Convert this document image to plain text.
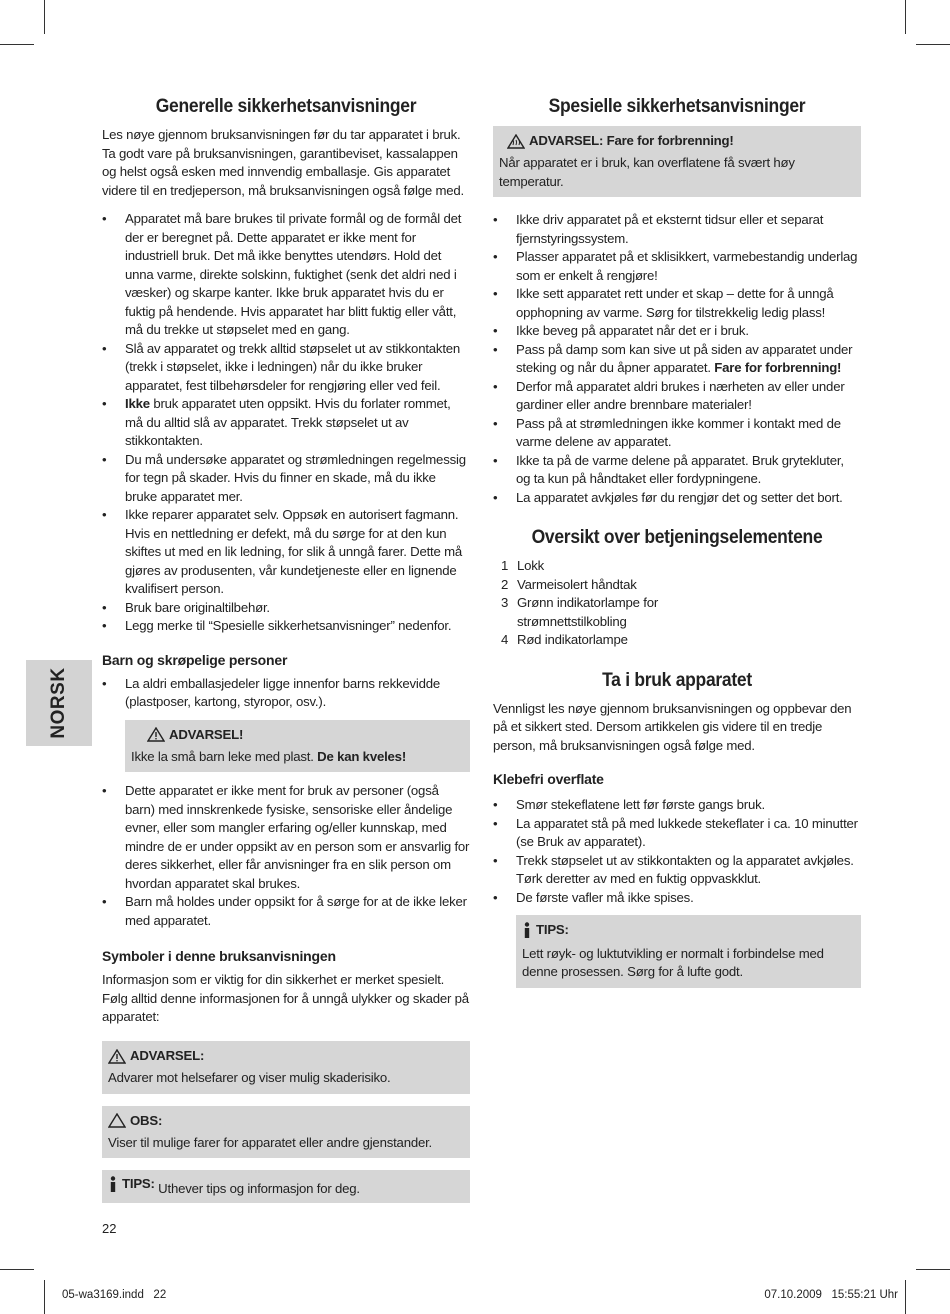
NORSK
Generelle sikkerhetsanvisninger

Les nøye gjennom bruksanvisningen før du tar apparatet i bruk. Ta godt vare på bruksanvisningen, garantibeviset, kassalappen og helst også esken med innvendig emballasje. Gis apparatet videre til en tredjeperson, må bruksanvisningen også følge med.

• Apparatet må bare brukes til private formål og de formål det der er beregnet på. Dette apparatet er ikke ment for industriell bruk. Det må ikke benyttes utendørs. Hold det unna varme, direkte solskinn, fuktighet (senk det aldri ned i væsker) og skarpe kanter. Ikke bruk apparatet hvis du er fuktig på hendende. Hvis apparatet har blitt fuktig eller vått, må du trekke ut støpselet med en gang.
• Slå av apparatet og trekk alltid støpselet ut av stikkontakten (trekk i støpselet, ikke i ledningen) når du ikke bruker apparatet, fest tilbehørsdeler for rengjøring eller ved feil.
• Ikke bruk apparatet uten oppsikt. Hvis du forlater rommet, må du alltid slå av apparatet. Trekk støpselet ut av stikkontakten.
• Du må undersøke apparatet og strømledningen regelmessig for tegn på skader. Hvis du finner en skade, må du ikke bruke apparatet mer.
• Ikke reparer apparatet selv. Oppsøk en autorisert fagmann. Hvis en nettledning er defekt, må du sørge for at den kun skiftes ut med en lik ledning, for slik å unngå farer. Dette må gjøres av produsenten, vår kundetjeneste eller en lignende kvalifisert person.
• Bruk bare originaltilbehør.
• Legg merke til “Spesielle sikkerhetsanvisninger” nedenfor.
Barn og skrøpelige personer
• La aldri emballasjedeler ligge innenfor barns rekkevidde (plastposer, kartong, styropor, osv.).
ADVARSEL!
Ikke la små barn leke med plast. De kan kveles!
• Dette apparatet er ikke ment for bruk av personer (også barn) med innskrenkede fysiske, sensoriske eller åndelige evner, eller som mangler erfaring og/eller kunnskap, med mindre de er under oppsikt av en person som er ansvarlig for deres sikkerhet, eller får anvisninger fra en slik person om hvordan apparatet skal brukes.
• Barn må holdes under oppsikt for å sørge for at de ikke leker med apparatet.
Symboler i denne bruksanvisningen

Informasjon som er viktig for din sikkerhet er merket spesielt. Følg alltid denne informasjonen for å unngå ulykker og skader på apparatet:

ADVARSEL:
Advarer mot helsefarer og viser mulig skaderisiko.
OBS:
Viser til mulige farer for apparatet eller andre gjenstander.
TIPS: Uthever tips og informasjon for deg.
Spesielle sikkerhetsanvisninger
ADVARSEL: Fare for forbrenning!
Når apparatet er i bruk, kan overflatene få svært høy temperatur.
• Ikke driv apparatet på et eksternt tidsur eller et separat fjernstyringssystem.
• Plasser apparatet på et sklisikkert, varmebestandig underlag som er enkelt å rengjøre!
• Ikke sett apparatet rett under et skap – dette for å unngå opphopning av varme. Sørg for tilstrekkelig ledig plass!
• Ikke beveg på apparatet når det er i bruk.
• Pass på damp som kan sive ut på siden av apparatet under steking og når du åpner apparatet. Fare for forbrenning!
• Derfor må apparatet aldri brukes i nærheten av eller under gardiner eller andre brennbare materialer!
• Pass på at strømledningen ikke kommer i kontakt med de varme delene av apparatet.
• Ikke ta på de varme delene på apparatet. Bruk grytekluter, og ta kun på håndtaket eller fordypningene.
• La apparatet avkjøles før du rengjør det og setter det bort.
Oversikt over betjeningselementene
1 Lokk
2 Varmeisolert håndtak
3 Grønn indikatorlampe for strømnettstilkobling
4 Rød indikatorlampe
Ta i bruk apparatet

Vennligst les nøye gjennom bruksanvisningen og oppbevar den på et sikkert sted. Dersom artikkelen gis videre til en tredje person, må bruksanvisningen også følge med.

Klebefri overflate
• Smør stekeflatene lett før første gangs bruk.
• La apparatet stå på med lukkede stekeflater i ca. 10 minutter (se Bruk av apparatet).
• Trekk støpselet ut av stikkontakten og la apparatet avkjøles. Tørk deretter av med en fuktig oppvaskklut.
• De første vafler må ikke spises.
TIPS:
Lett røyk- og luktutvikling er normalt i forbindelse med denne prosessen. Sørg for å lufte godt.
22
05-wa3169.indd   22	07.10.2009   15:55:21 Uhr
